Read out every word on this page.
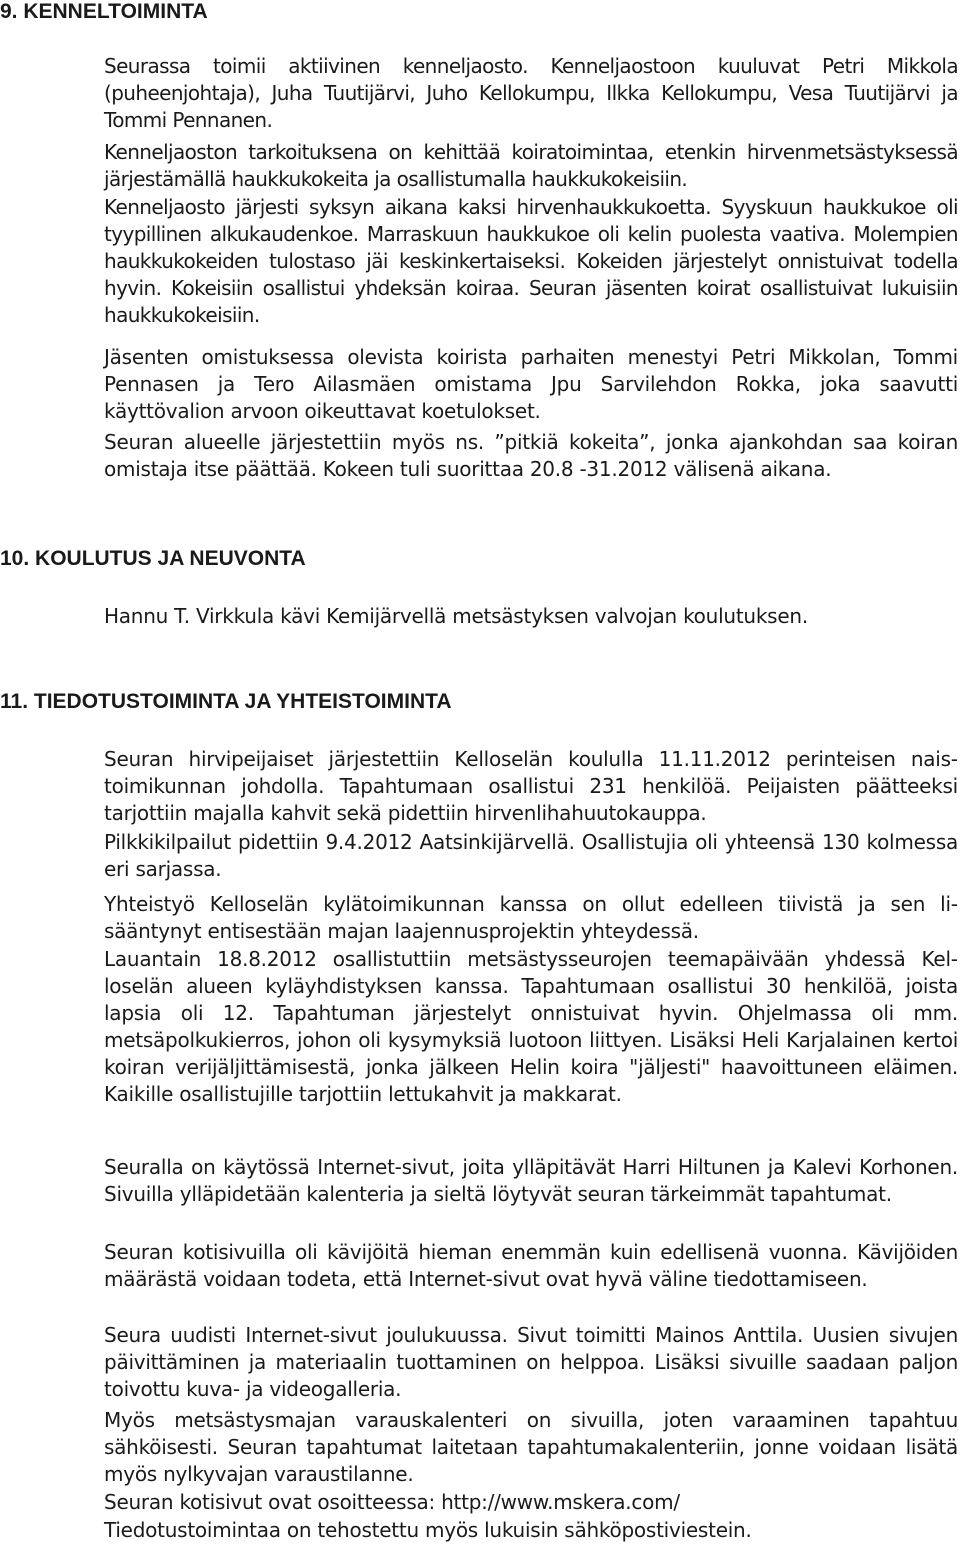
9. KENNELTOIMINTA

Seurassa toimii aktiivinen kenneljaosto. Kenneljaostoon kuuluvat Petri Mikkola (puheenjohtaja), Juha Tuutijärvi, Juho Kellokumpu, Ilkka Kellokumpu, Vesa Tuutijärvi ja Tommi Pennanen.

Kenneljaoston tarkoituksena on kehittää koiratoimintaa, etenkin hirvenmetsästyksessä järjestämällä haukkukokeita ja osallistumalla haukkukokeisiin.

Kenneljaosto järjesti syksyn aikana kaksi hirvenhaukkukoetta. Syyskuun haukkukoe oli tyypillinen alkukaudenkoe. Marraskuun haukkukoe oli kelin puolesta vaativa. Molempien haukkukokeiden tulostaso jäi keskinkertaiseksi. Kokeiden järjestelyt onnistuivat todella hyvin. Kokeisiin osallistui yhdeksän koiraa. Seuran jäsenten koirat osallistuivat lukuisiin haukkukokeisiin.

Jäsenten omistuksessa olevista koirista parhaiten menestyi Petri Mikkolan, Tommi Pennasen ja Tero Ailasmäen omistama Jpu Sarvilehdon Rokka, joka saavutti käyttövalion arvoon oikeuttavat koetulokset.

Seuran alueelle järjestettiin myös ns. ”pitkiä kokeita”, jonka ajankohdan saa koiran omistaja itse päättää. Kokeen tuli suorittaa 20.8 -31.2012 välisenä aikana.

10. KOULUTUS JA NEUVONTA

Hannu T. Virkkula kävi Kemijärvellä metsästyksen valvojan koulutuksen.

11. TIEDOTUSTOIMINTA JA YHTEISTOIMINTA

Seuran hirvipeijaiset järjestettiin Kelloselän koululla 11.11.2012 perinteisen naistoimikunnan johdolla. Tapahtumaan osallistui 231 henkilöä. Peijaisten päätteeksi tarjottiin majalla kahvit sekä pidettiin hirvenlihahuutokauppa.

Pilkkikilpailut pidettiin 9.4.2012 Aatsinkijärvellä. Osallistujia oli yhteensä 130 kolmessa eri sarjassa.

Yhteistyö Kelloselän kylätoimikunnan kanssa on ollut edelleen tiivistä ja sen lisääntynyt entisestään majan laajennusprojektin yhteydessä.

Lauantain 18.8.2012 osallistuttiin metsästysseurojen teemapäivään yhdessä Kelloselän alueen kyläyhdistyksen kanssa. Tapahtumaan osallistui 30 henkilöä, joista lapsia oli 12. Tapahtuman järjestelyt onnistuivat hyvin. Ohjelmassa oli mm. metsäpolkukierros, johon oli kysymyksiä luotoon liittyen. Lisäksi Heli Karjalainen kertoi koiran verijäljittämisestä, jonka jälkeen Helin koira "jäljesti" haavoittuneen eläimen. Kaikille osallistujille tarjottiin lettukahvit ja makkarat.

Seuralla on käytössä Internet-sivut, joita ylläpitävät Harri Hiltunen ja Kalevi Korhonen. Sivuilla ylläpidetään kalenteria ja sieltä löytyvät seuran tärkeimmät tapahtumat.

Seuran kotisivuilla oli kävijöitä hieman enemmän kuin edellisenä vuonna. Kävijöiden määrästä voidaan todeta, että Internet-sivut ovat hyvä väline tiedottamiseen.

Seura uudisti Internet-sivut joulukuussa. Sivut toimitti Mainos Anttila. Uusien sivujen päivittäminen ja materiaalin tuottaminen on helppoa. Lisäksi sivuille saadaan paljon toivottu kuva- ja videogalleria.

Myös metsästysmajan varauskalenteri on sivuilla, joten varaaminen tapahtuu sähköisesti. Seuran tapahtumat laitetaan tapahtumakalenteriin, jonne voidaan lisätä myös nylkyvajan varaustilanne.

Seuran kotisivut ovat osoitteessa: http://www.mskera.com/

Tiedotustoimintaa on tehostettu myös lukuisin sähköpostiviestein.
